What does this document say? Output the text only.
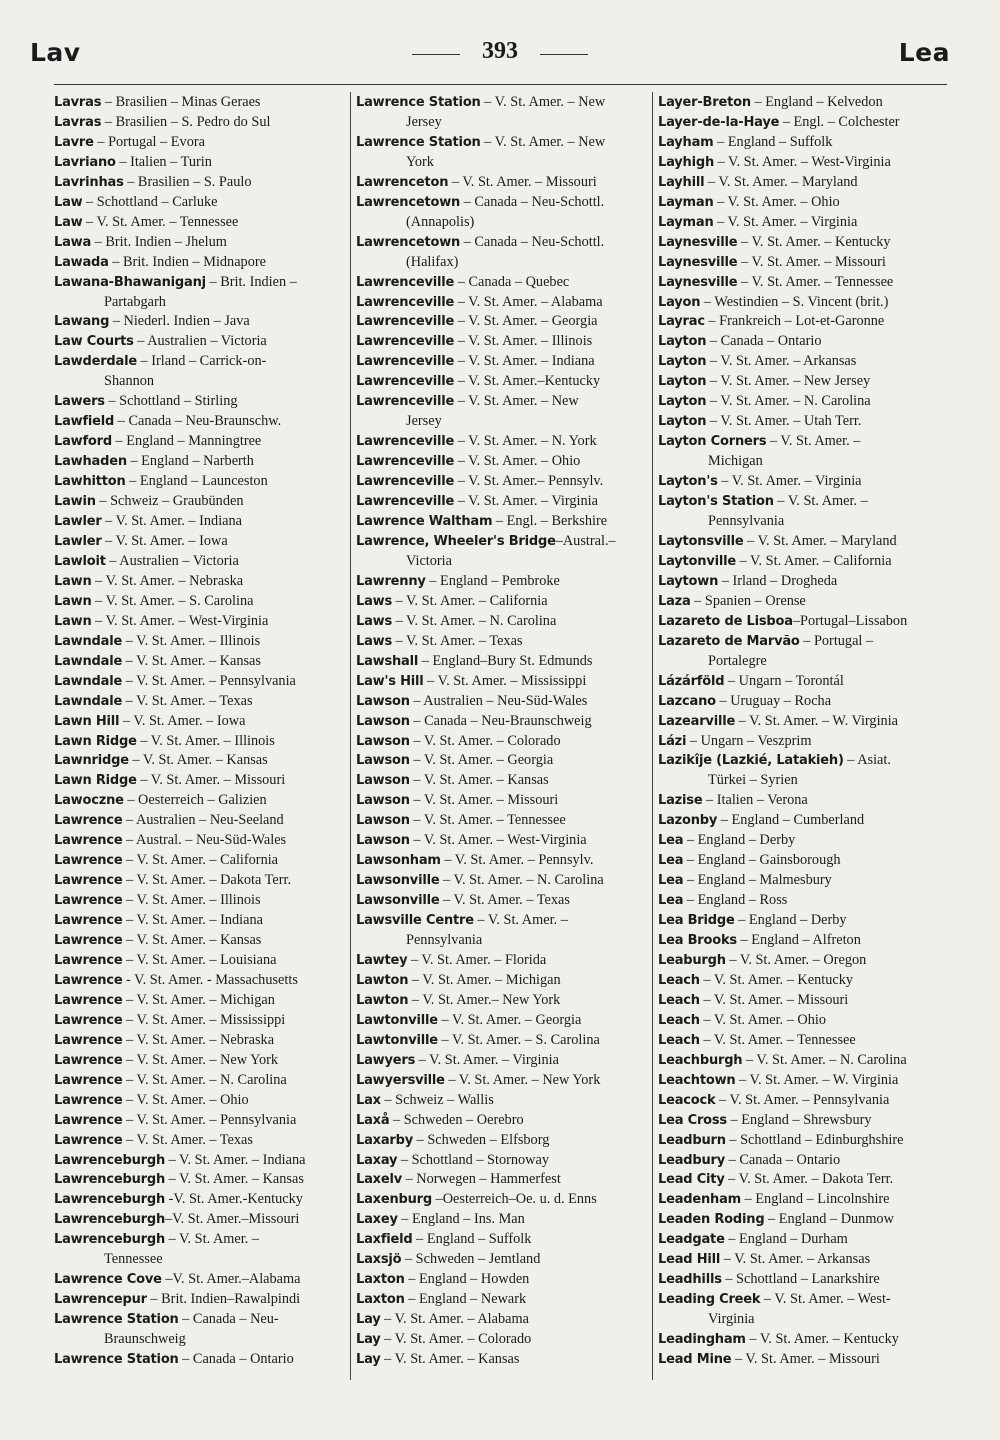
Lav	393	Lea
Lavras – Brasilien – Minas Geraes
Lavras – Brasilien – S. Pedro do Sul
Lavre – Portugal – Evora
Lavriano – Italien – Turin
Lavrinhas – Brasilien – S. Paulo
Law – Schottland – Carluke
Law – V. St. Amer. – Tennessee
Lawa – Brit. Indien – Jhelum
Lawada – Brit. Indien – Midnapore
Lawana-Bhawaniganj – Brit. Indien –
Partabgarh
Lawang – Niederl. Indien – Java
Law Courts – Australien – Victoria
Lawderdale – Irland – Carrick-on-
Shannon
Lawers – Schottland – Stirling
Lawfield – Canada – Neu-Braunschw.
Lawford – England – Manningtree
Lawhaden – England – Narberth
Lawhitton – England – Launceston
Lawin – Schweiz – Graubünden
Lawler – V. St. Amer. – Indiana
Lawler – V. St. Amer. – Iowa
Lawloit – Australien – Victoria
Lawn – V. St. Amer. – Nebraska
Lawn – V. St. Amer. – S. Carolina
Lawn – V. St. Amer. – West-Virginia
Lawndale – V. St. Amer. – Illinois
Lawndale – V. St. Amer. – Kansas
Lawndale – V. St. Amer. – Pennsylvania
Lawndale – V. St. Amer. – Texas
Lawn Hill – V. St. Amer. – Iowa
Lawn Ridge – V. St. Amer. – Illinois
Lawnridge – V. St. Amer. – Kansas
Lawn Ridge – V. St. Amer. – Missouri
Lawoczne – Oesterreich – Galizien
Lawrence – Australien – Neu-Seeland
Lawrence – Austral. – Neu-Süd-Wales
Lawrence – V. St. Amer. – California
Lawrence – V. St. Amer. – Dakota Terr.
Lawrence – V. St. Amer. – Illinois
Lawrence – V. St. Amer. – Indiana
Lawrence – V. St. Amer. – Kansas
Lawrence – V. St. Amer. – Louisiana
Lawrence - V. St. Amer. - Massachusetts
Lawrence – V. St. Amer. – Michigan
Lawrence – V. St. Amer. – Mississippi
Lawrence – V. St. Amer. – Nebraska
Lawrence – V. St. Amer. – New York
Lawrence – V. St. Amer. – N. Carolina
Lawrence – V. St. Amer. – Ohio
Lawrence – V. St. Amer. – Pennsylvania
Lawrence – V. St. Amer. – Texas
Lawrenceburgh – V. St. Amer. – Indiana
Lawrenceburgh – V. St. Amer. – Kansas
Lawrenceburgh -V. St. Amer.-Kentucky
Lawrenceburgh–V. St. Amer.–Missouri
Lawrenceburgh – V. St. Amer. –
Tennessee
Lawrence Cove –V. St. Amer.–Alabama
Lawrencepur – Brit. Indien–Rawalpindi
Lawrence Station – Canada – Neu-
Braunschweig
Lawrence Station – Canada – Ontario
Lawrence Station – V. St. Amer. – New
Jersey
Lawrence Station – V. St. Amer. – New
York
Lawrenceton – V. St. Amer. – Missouri
Lawrencetown – Canada – Neu-Schottl.
(Annapolis)
Lawrencetown – Canada – Neu-Schottl.
(Halifax)
Lawrenceville – Canada – Quebec
Lawrenceville – V. St. Amer. – Alabama
Lawrenceville – V. St. Amer. – Georgia
Lawrenceville – V. St. Amer. – Illinois
Lawrenceville – V. St. Amer. – Indiana
Lawrenceville – V. St. Amer.–Kentucky
Lawrenceville – V. St. Amer. – New
Jersey
Lawrenceville – V. St. Amer. – N. York
Lawrenceville – V. St. Amer. – Ohio
Lawrenceville – V. St. Amer.– Pennsylv.
Lawrenceville – V. St. Amer. – Virginia
Lawrence Waltham – Engl. – Berkshire
Lawrence, Wheeler's Bridge–Austral.–
Victoria
Lawrenny – England – Pembroke
Laws – V. St. Amer. – California
Laws – V. St. Amer. – N. Carolina
Laws – V. St. Amer. – Texas
Lawshall – England–Bury St. Edmunds
Law's Hill – V. St. Amer. – Mississippi
Lawson – Australien – Neu-Süd-Wales
Lawson – Canada – Neu-Braunschweig
Lawson – V. St. Amer. – Colorado
Lawson – V. St. Amer. – Georgia
Lawson – V. St. Amer. – Kansas
Lawson – V. St. Amer. – Missouri
Lawson – V. St. Amer. – Tennessee
Lawson – V. St. Amer. – West-Virginia
Lawsonham – V. St. Amer. – Pennsylv.
Lawsonville – V. St. Amer. – N. Carolina
Lawsonville – V. St. Amer. – Texas
Lawsville Centre – V. St. Amer. –
Pennsylvania
Lawtey – V. St. Amer. – Florida
Lawton – V. St. Amer. – Michigan
Lawton – V. St. Amer.– New York
Lawtonville – V. St. Amer. – Georgia
Lawtonville – V. St. Amer. – S. Carolina
Lawyers – V. St. Amer. – Virginia
Lawyersville – V. St. Amer. – New York
Lax – Schweiz – Wallis
Laxå – Schweden – Oerebro
Laxarby – Schweden – Elfsborg
Laxay – Schottland – Stornoway
Laxelv – Norwegen – Hammerfest
Laxenburg –Oesterreich–Oe. u. d. Enns
Laxey – England – Ins. Man
Laxfield – England – Suffolk
Laxsjö – Schweden – Jemtland
Laxton – England – Howden
Laxton – England – Newark
Lay – V. St. Amer. – Alabama
Lay – V. St. Amer. – Colorado
Lay – V. St. Amer. – Kansas
Layer-Breton – England – Kelvedon
Layer-de-la-Haye – Engl. – Colchester
Layham – England – Suffolk
Layhigh – V. St. Amer. – West-Virginia
Layhill – V. St. Amer. – Maryland
Layman – V. St. Amer. – Ohio
Layman – V. St. Amer. – Virginia
Laynesville – V. St. Amer. – Kentucky
Laynesville – V. St. Amer. – Missouri
Laynesville – V. St. Amer. – Tennessee
Layon – Westindien – S. Vincent (brit.)
Layrac – Frankreich – Lot-et-Garonne
Layton – Canada – Ontario
Layton – V. St. Amer. – Arkansas
Layton – V. St. Amer. – New Jersey
Layton – V. St. Amer. – N. Carolina
Layton – V. St. Amer. – Utah Terr.
Layton Corners – V. St. Amer. –
Michigan
Layton's – V. St. Amer. – Virginia
Layton's Station – V. St. Amer. –
Pennsylvania
Laytonsville – V. St. Amer. – Maryland
Laytonville – V. St. Amer. – California
Laytown – Irland – Drogheda
Laza – Spanien – Orense
Lazareto de Lisboa–Portugal–Lissabon
Lazareto de Marvão – Portugal –
Portalegre
Lázárföld – Ungarn – Torontál
Lazcano – Uruguay – Rocha
Lazearville – V. St. Amer. – W. Virginia
Lázi – Ungarn – Veszprim
Lazikîje (Lazkié, Latakieh) – Asiat.
Türkei – Syrien
Lazise – Italien – Verona
Lazonby – England – Cumberland
Lea – England – Derby
Lea – England – Gainsborough
Lea – England – Malmesbury
Lea – England – Ross
Lea Bridge – England – Derby
Lea Brooks – England – Alfreton
Leaburgh – V. St. Amer. – Oregon
Leach – V. St. Amer. – Kentucky
Leach – V. St. Amer. – Missouri
Leach – V. St. Amer. – Ohio
Leach – V. St. Amer. – Tennessee
Leachburgh – V. St. Amer. – N. Carolina
Leachtown – V. St. Amer. – W. Virginia
Leacock – V. St. Amer. – Pennsylvania
Lea Cross – England – Shrewsbury
Leadburn – Schottland – Edinburghshire
Leadbury – Canada – Ontario
Lead City – V. St. Amer. – Dakota Terr.
Leadenham – England – Lincolnshire
Leaden Roding – England – Dunmow
Leadgate – England – Durham
Lead Hill – V. St. Amer. – Arkansas
Leadhills – Schottland – Lanarkshire
Leading Creek – V. St. Amer. – West-
Virginia
Leadingham – V. St. Amer. – Kentucky
Lead Mine – V. St. Amer. – Missouri
